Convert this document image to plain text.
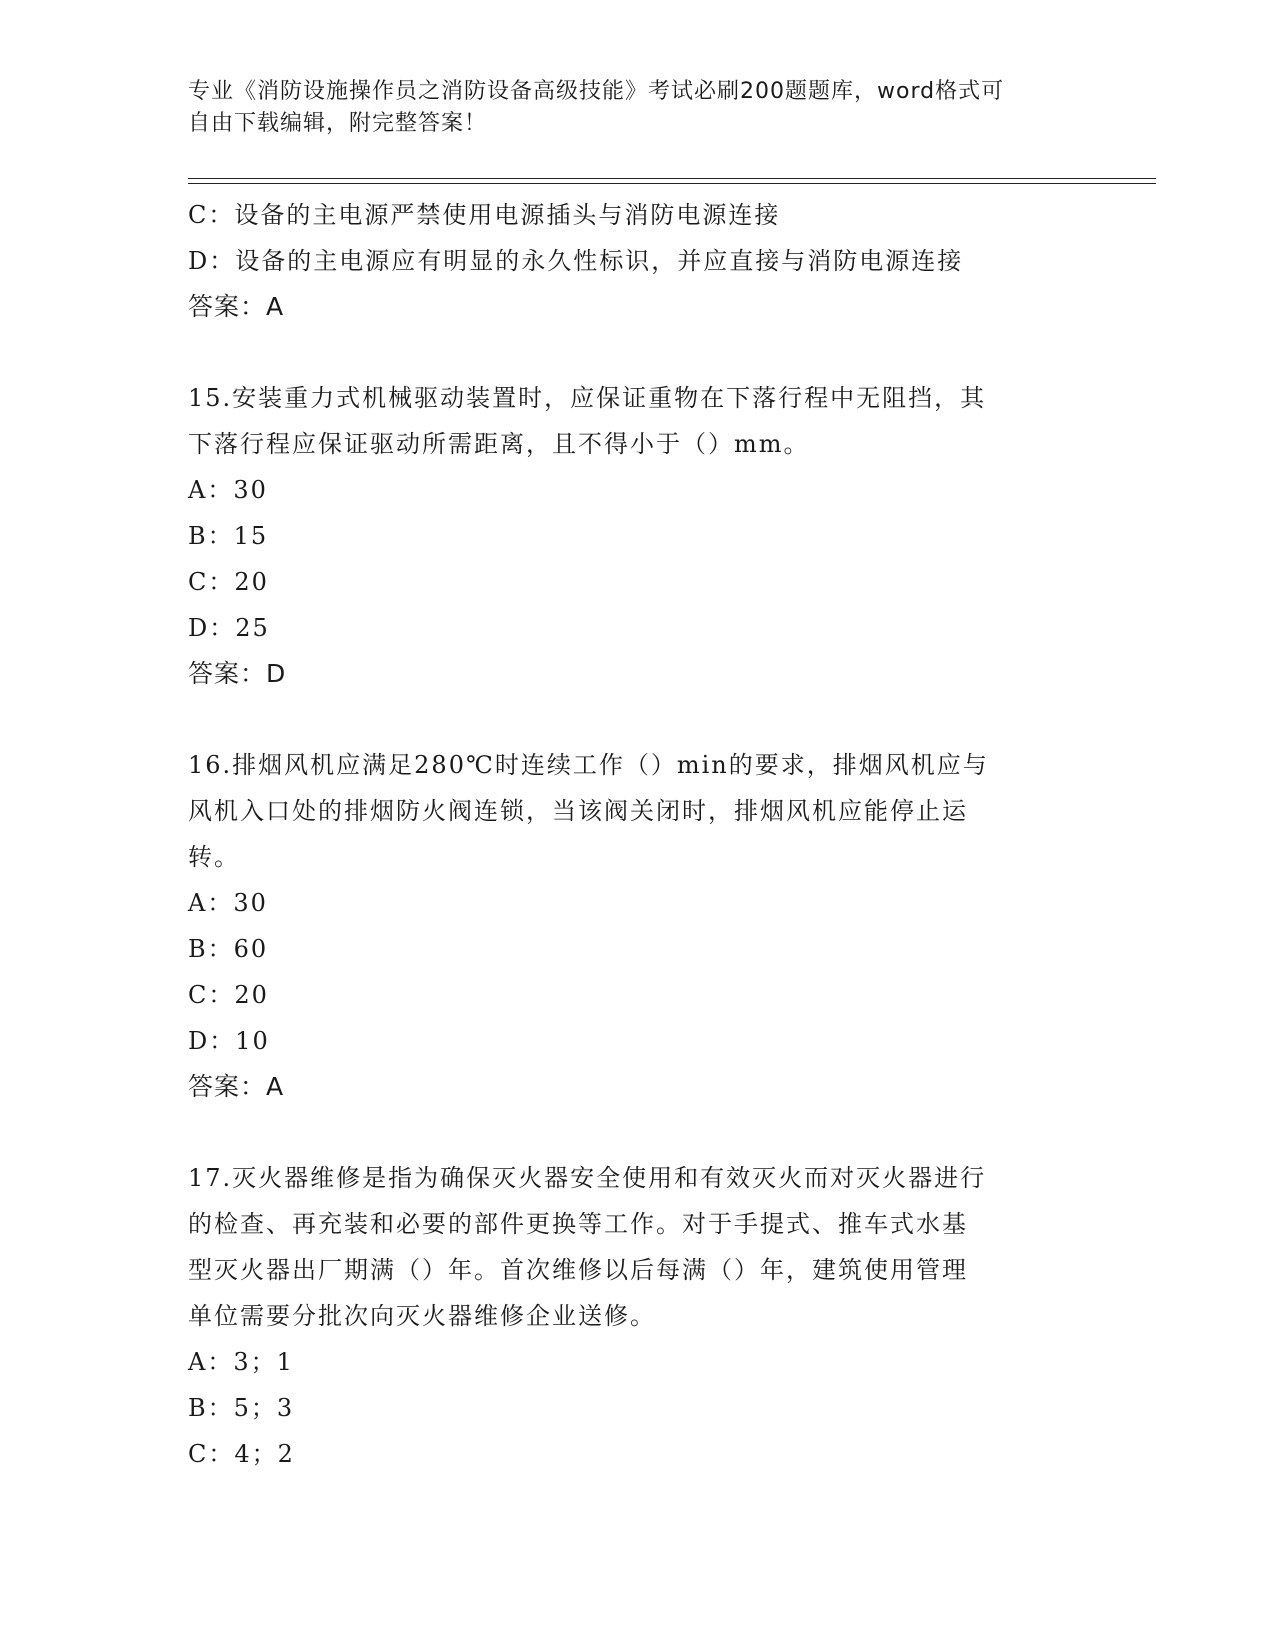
专业《消防设施操作员之消防设备高级技能》考试必刷200题题库，word格式可
自由下载编辑，附完整答案！
C：设备的主电源严禁使用电源插头与消防电源连接
D：设备的主电源应有明显的永久性标识，并应直接与消防电源连接
答案：A
15.安装重力式机械驱动装置时，应保证重物在下落行程中无阻挡，其
下落行程应保证驱动所需距离，且不得小于（）mm。
A：30
B：15
C：20
D：25
答案：D
16.排烟风机应满足280℃时连续工作（）min的要求，排烟风机应与
风机入口处的排烟防火阀连锁，当该阀关闭时，排烟风机应能停止运
转。
A：30
B：60
C：20
D：10
答案：A
17.灭火器维修是指为确保灭火器安全使用和有效灭火而对灭火器进行
的检查、再充装和必要的部件更换等工作。对于手提式、推车式水基
型灭火器出厂期满（）年。首次维修以后每满（）年，建筑使用管理
单位需要分批次向灭火器维修企业送修。
A：3；1
B：5；3
C：4；2
